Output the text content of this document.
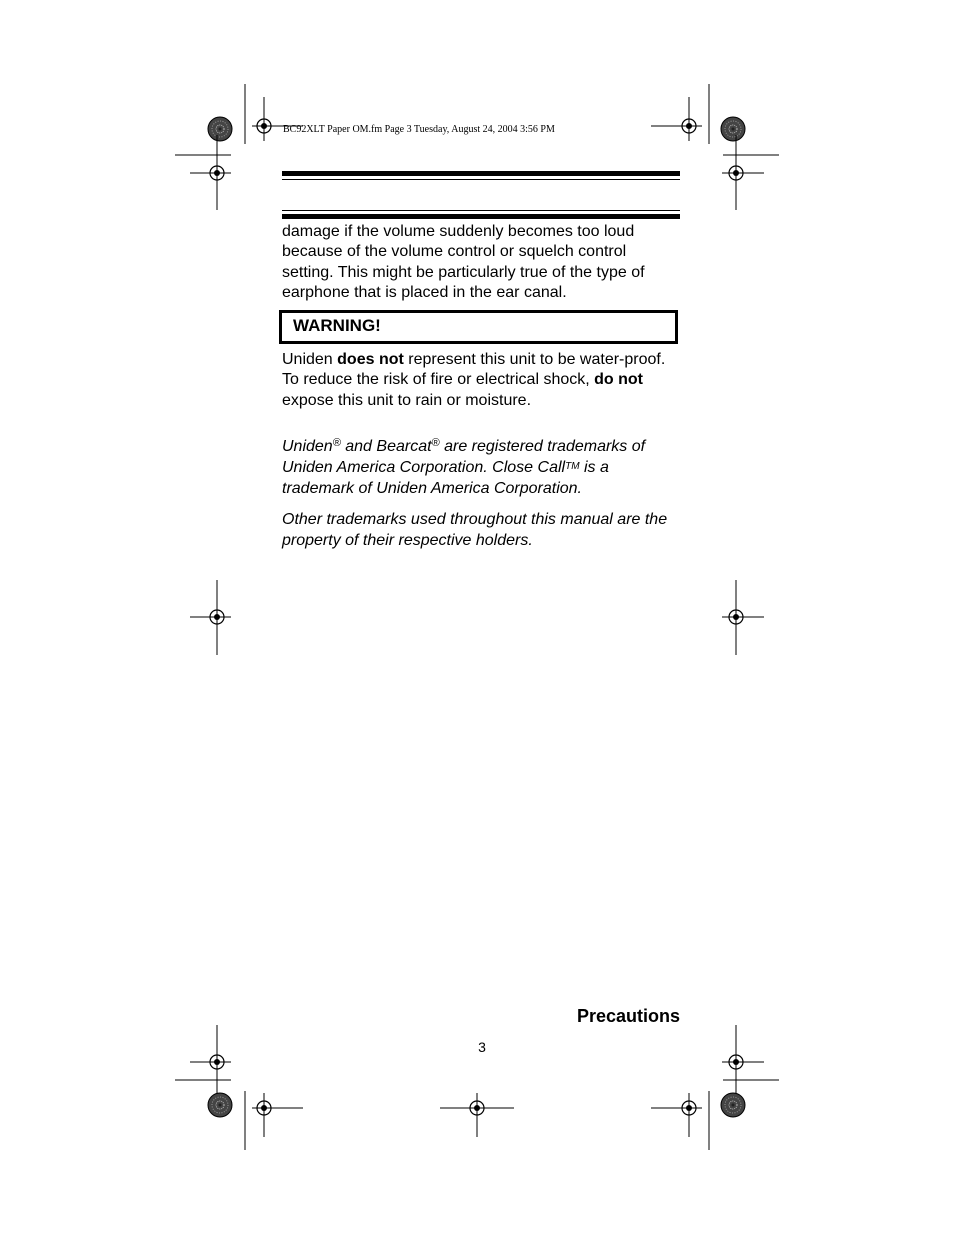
BC92XLT Paper OM.fm Page 3 Tuesday, August 24, 2004 3:56 PM
damage if the volume suddenly becomes too loud because of the volume control or squelch control setting. This might be particularly true of the type of earphone that is placed in the ear canal.
WARNING!
Uniden does not represent this unit to be water-proof. To reduce the risk of fire or electrical shock, do not expose this unit to rain or moisture.
Uniden® and Bearcat® are registered trademarks of Uniden America Corporation. Close CallTM is a trademark of Uniden America Corporation.
Other trademarks used throughout this manual are the property of their respective holders.
Precautions
3
